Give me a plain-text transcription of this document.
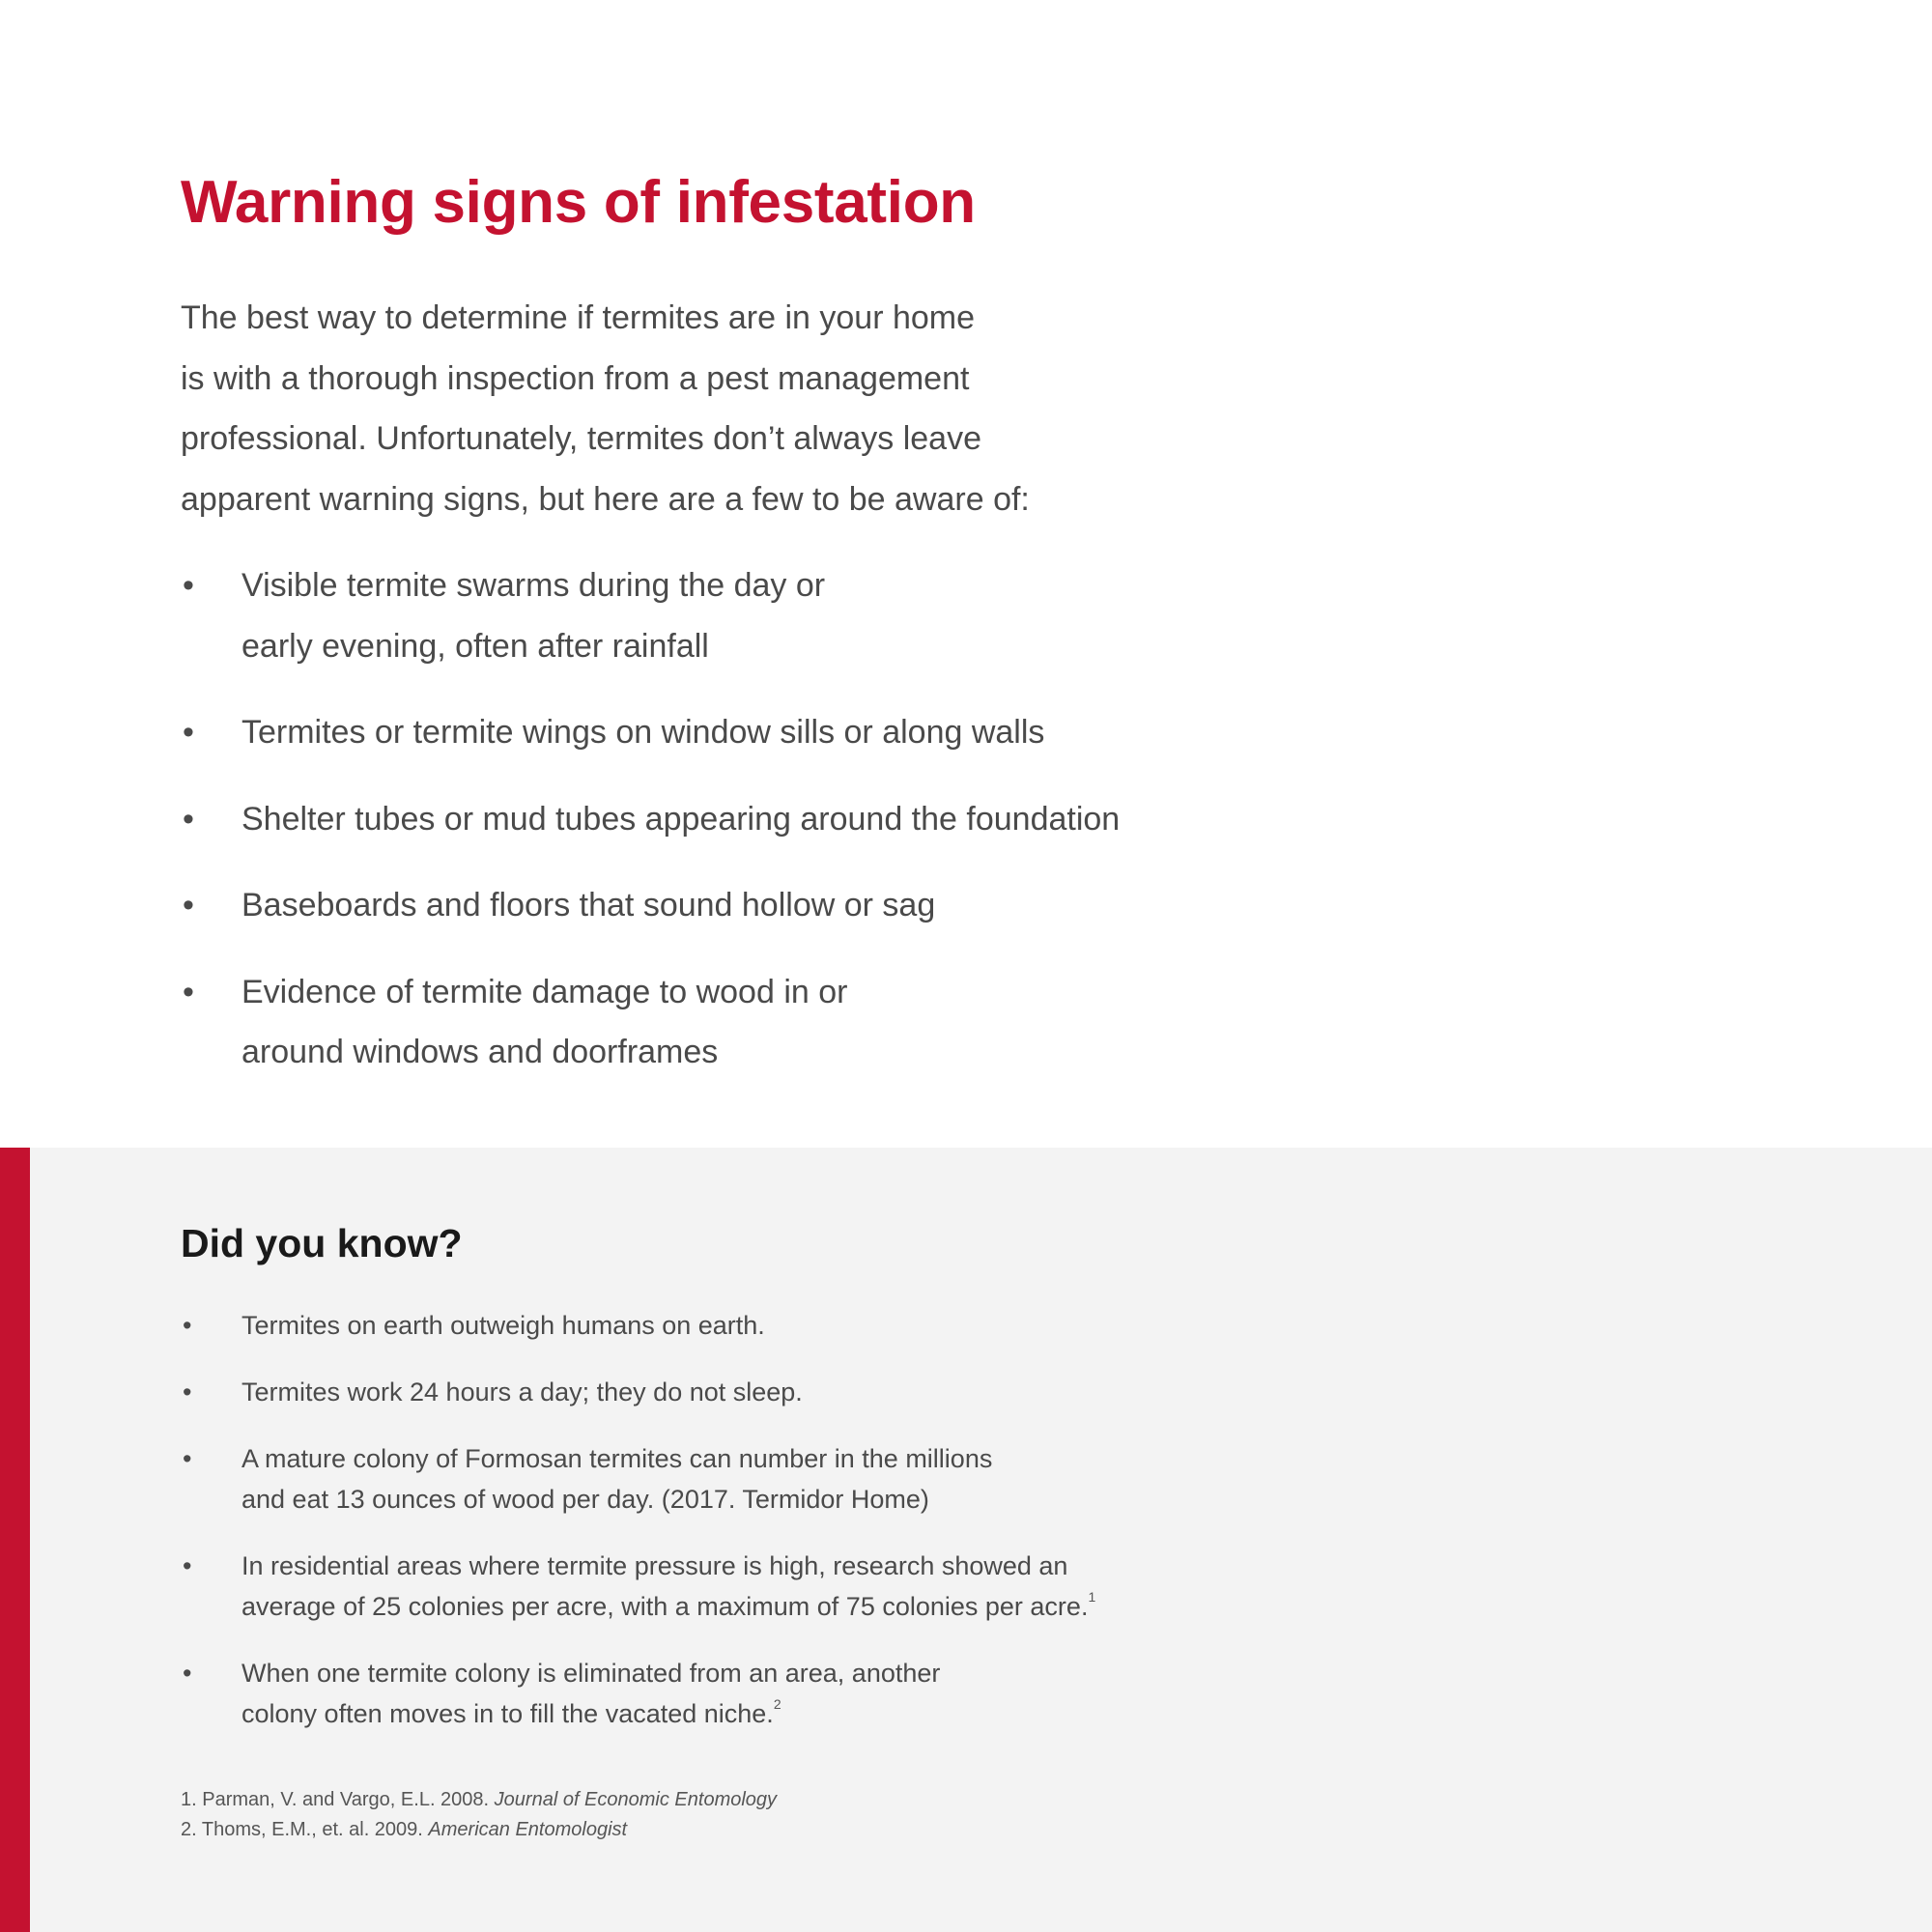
Warning signs of infestation

The best way to determine if termites are in your home
is with a thorough inspection from a pest management
professional. Unfortunately, termites don’t always leave
apparent warning signs, but here are a few to be aware of:

• Visible termite swarms during the day or
early evening, often after rainfall
• Termites or termite wings on window sills or along walls
• Shelter tubes or mud tubes appearing around the foundation
• Baseboards and floors that sound hollow or sag
• Evidence of termite damage to wood in or
around windows and doorframes
Did you know?
• Termites on earth outweigh humans on earth.
• Termites work 24 hours a day; they do not sleep.
• A mature colony of Formosan termites can number in the millions
and eat 13 ounces of wood per day. (2017. Termidor Home)
• In residential areas where termite pressure is high, research showed an
average of 25 colonies per acre, with a maximum of 75 colonies per acre.$^1$
• When one termite colony is eliminated from an area, another
colony often moves in to fill the vacated niche.$^2$
1. Parman, V. and Vargo, E.L. 2008. Journal of Economic Entomology
2. Thoms, E.M., et. al. 2009. American Entomologist
